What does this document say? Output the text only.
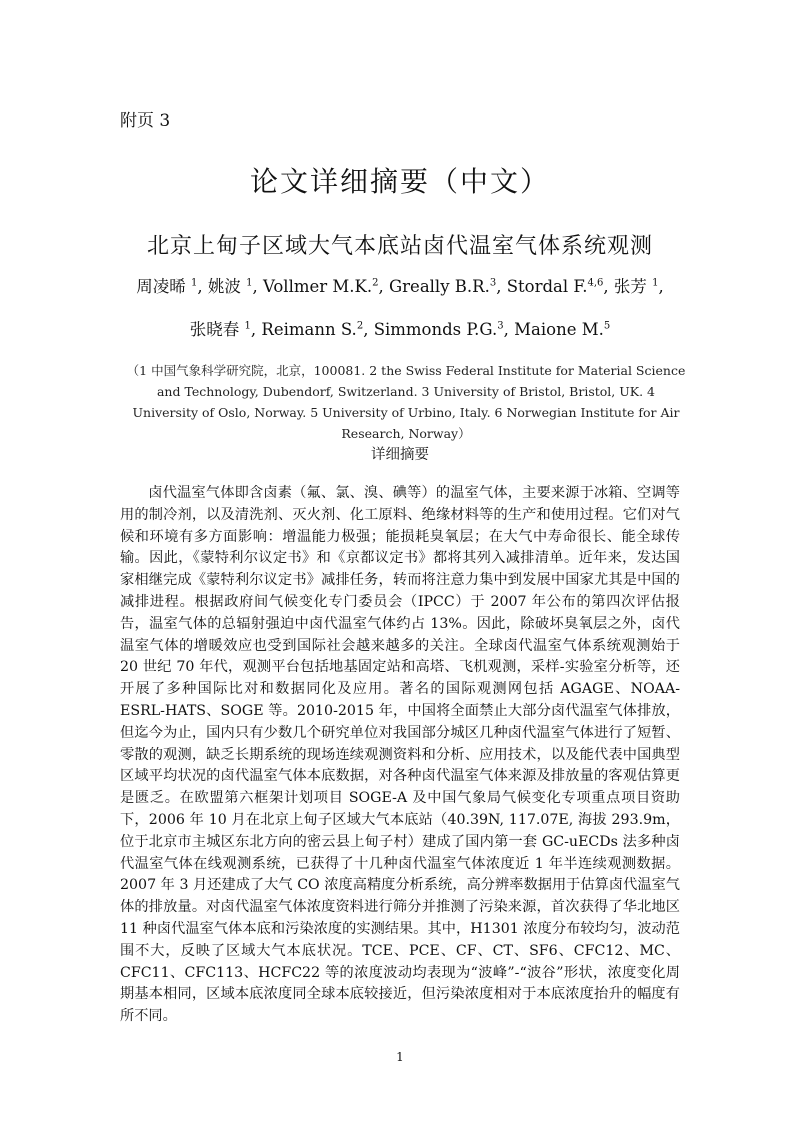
附页 3
论文详细摘要（中文）
北京上甸子区域大气本底站卤代温室气体系统观测
周凌晞 $^1$, 姚波 $^1$, Vollmer M.K.$^2$, Greally B.R.$^3$, Stordal F.$^{4,6}$, 张芳 $^1$,
张晓春 $^1$, Reimann S.$^2$, Simmonds P.G.$^3$, Maione M.$^5$
（1 中国气象科学研究院，北京，100081. 2 the Swiss Federal Institute for Material Science and Technology, Dubendorf, Switzerland. 3 University of Bristol, Bristol, UK. 4 University of Oslo, Norway. 5 University of Urbino, Italy. 6 Norwegian Institute for Air Research, Norway）
详细摘要

卤代温室气体即含卤素（氟、氯、溴、碘等）的温室气体，主要来源于冰箱、空调等用的制冷剂，以及清洗剂、灭火剂、化工原料、绝缘材料等的生产和使用过程。它们对气候和环境有多方面影响：增温能力极强；能损耗臭氧层；在大气中寿命很长、能全球传输。因此，《蒙特利尔议定书》和《京都议定书》都将其列入减排清单。近年来，发达国家相继完成《蒙特利尔议定书》减排任务，转而将注意力集中到发展中国家尤其是中国的减排进程。根据政府间气候变化专门委员会（IPCC）于 2007 年公布的第四次评估报告，温室气体的总辐射强迫中卤代温室气体约占 13%。因此，除破坏臭氧层之外，卤代温室气体的增暖效应也受到国际社会越来越多的关注。全球卤代温室气体系统观测始于 20 世纪 70 年代，观测平台包括地基固定站和高塔、飞机观测，采样-实验室分析等，还开展了多种国际比对和数据同化及应用。著名的国际观测网包括 AGAGE、NOAA-ESRL-HATS、SOGE 等。2010-2015 年，中国将全面禁止大部分卤代温室气体排放，但迄今为止，国内只有少数几个研究单位对我国部分城区几种卤代温室气体进行了短暂、零散的观测，缺乏长期系统的现场连续观测资料和分析、应用技术，以及能代表中国典型区域平均状况的卤代温室气体本底数据，对各种卤代温室气体来源及排放量的客观估算更是匮乏。在欧盟第六框架计划项目 SOGE-A 及中国气象局气候变化专项重点项目资助下，2006 年 10 月在北京上甸子区域大气本底站（40.39N, 117.07E, 海拔 293.9m，位于北京市主城区东北方向的密云县上甸子村）建成了国内第一套 GC-uECDs 法多种卤代温室气体在线观测系统，已获得了十几种卤代温室气体浓度近 1 年半连续观测数据。2007 年 3 月还建成了大气 CO 浓度高精度分析系统，高分辨率数据用于估算卤代温室气体的排放量。对卤代温室气体浓度资料进行筛分并推测了污染来源，首次获得了华北地区 11 种卤代温室气体本底和污染浓度的实测结果。其中，H1301 浓度分布较均匀，波动范围不大，反映了区域大气本底状况。TCE、PCE、CF、CT、SF6、CFC12、MC、CFC11、CFC113、HCFC22 等的浓度波动均表现为“波峰”-“波谷”形状，浓度变化周期基本相同，区域本底浓度同全球本底较接近，但污染浓度相对于本底浓度抬升的幅度有所不同。

1
